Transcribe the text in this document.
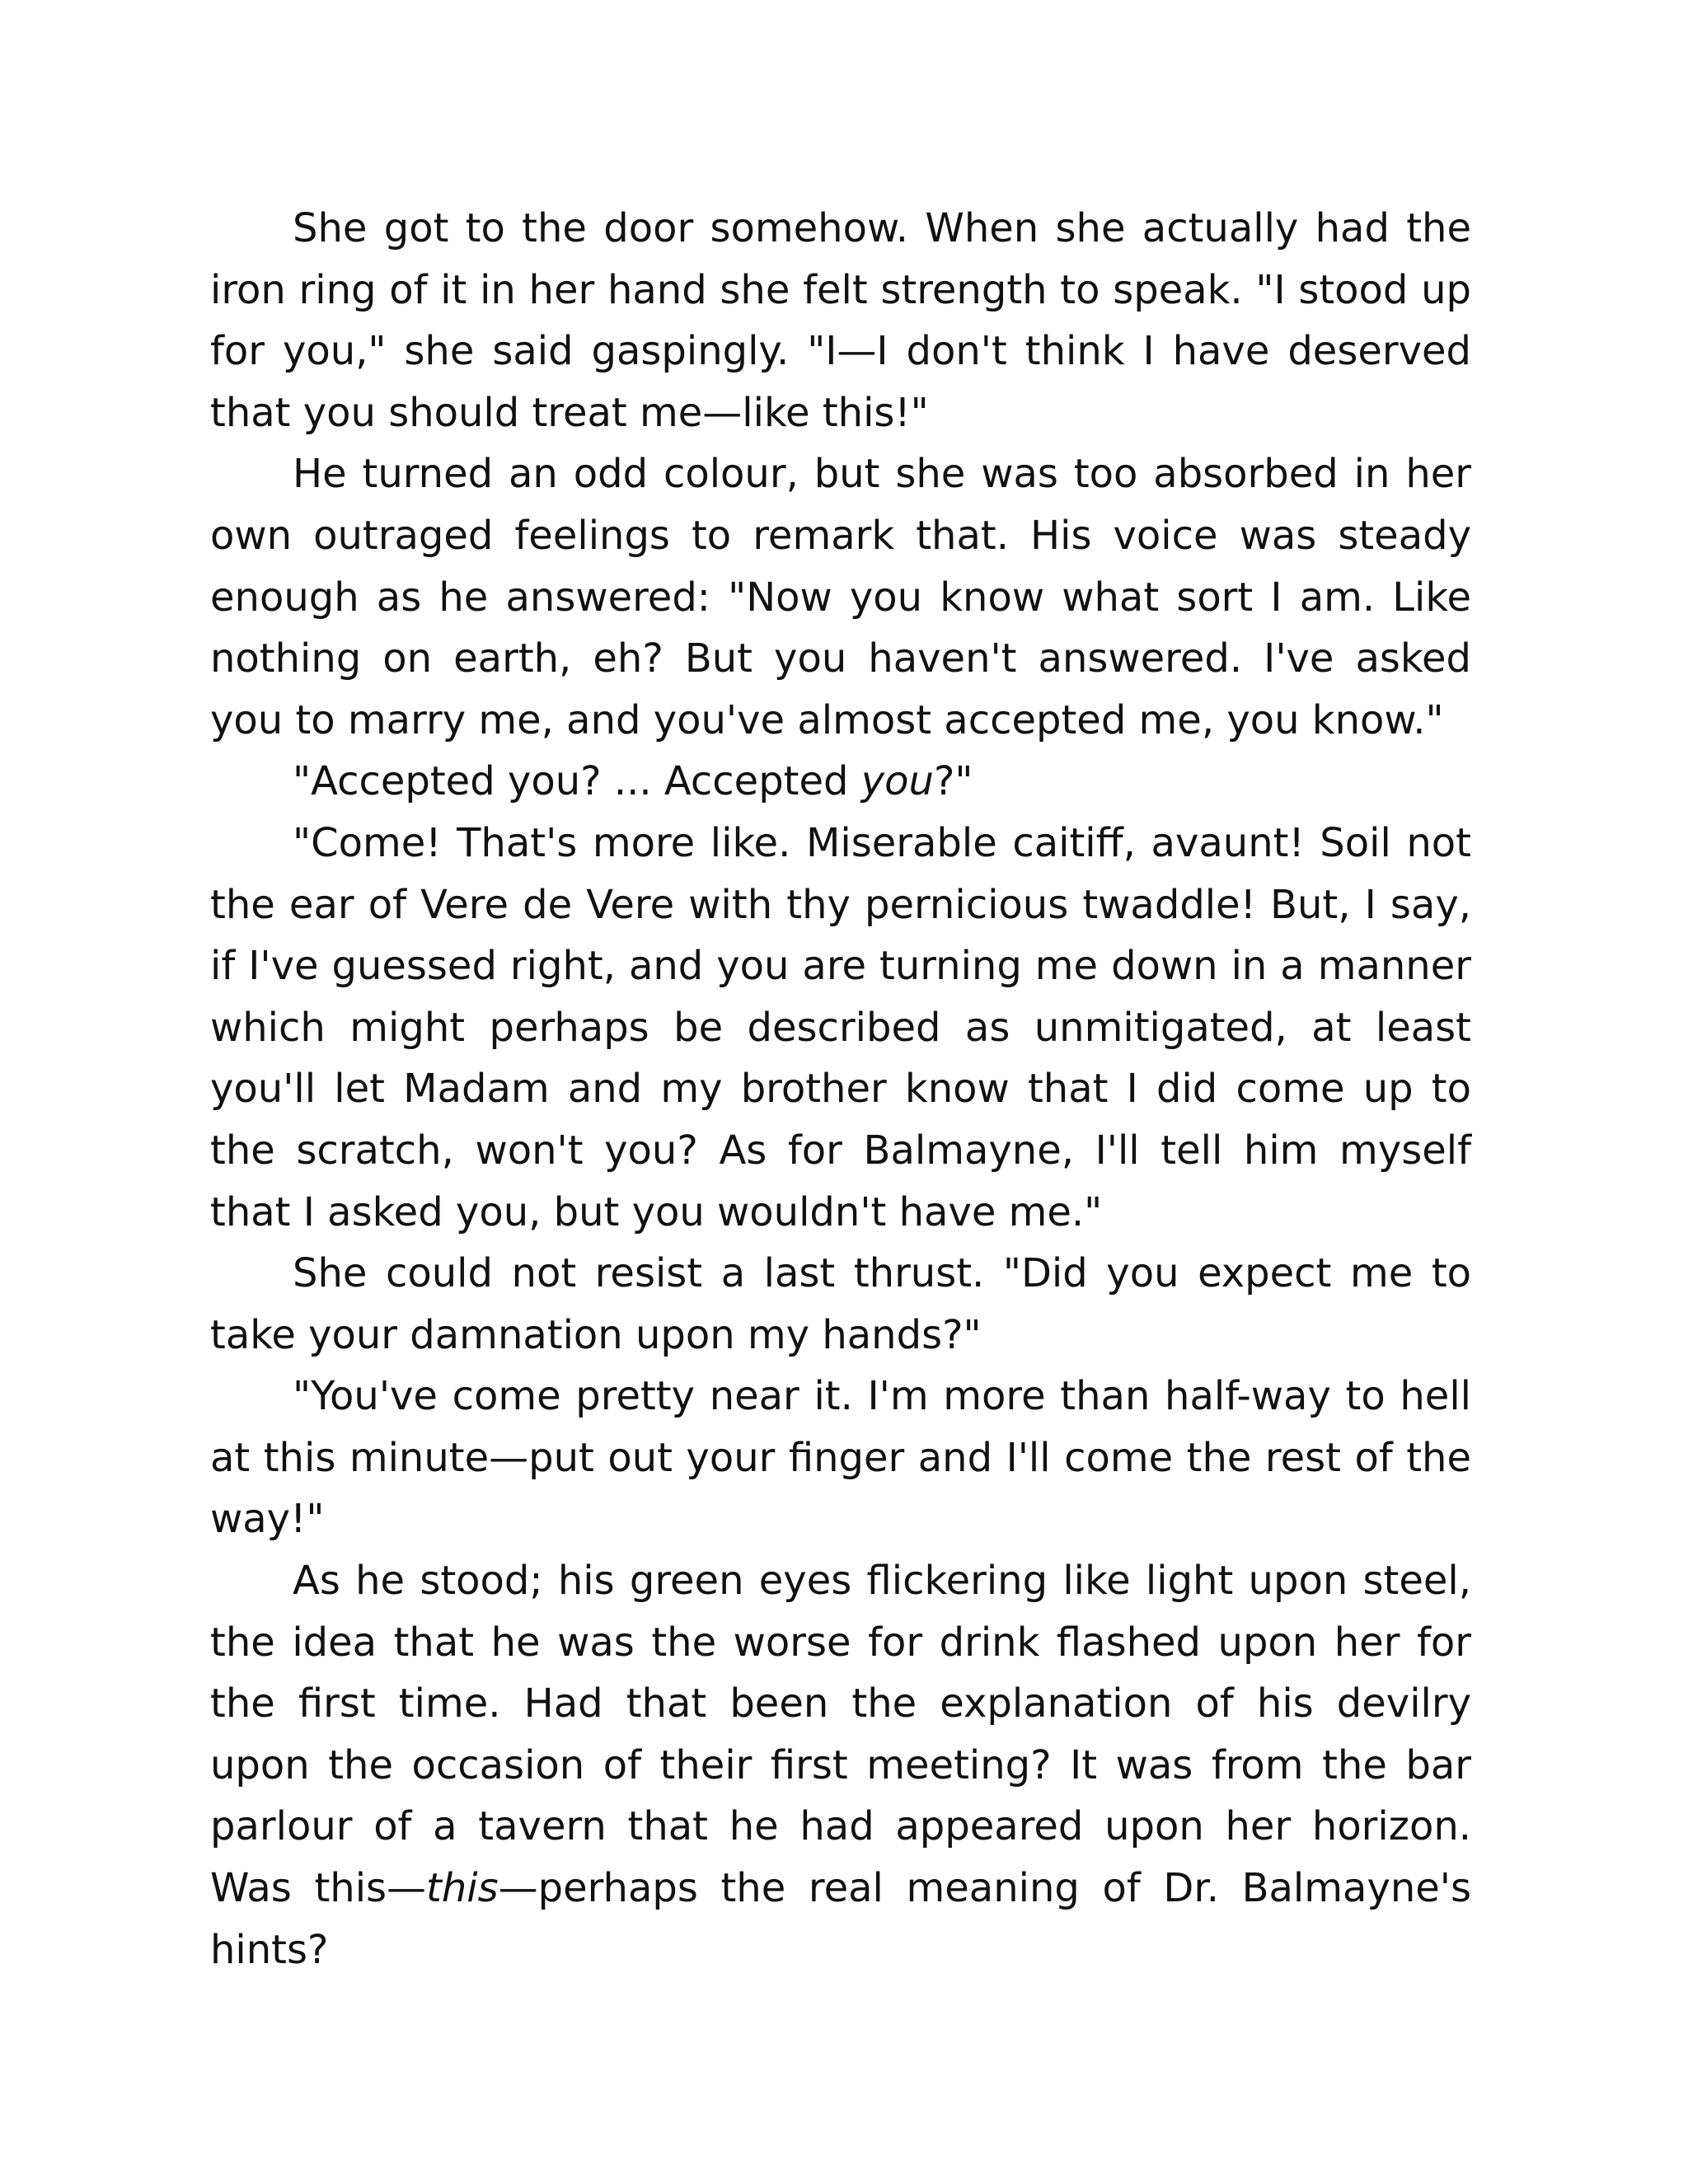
She got to the door somehow. When she actually had the iron ring of it in her hand she felt strength to speak. "I stood up for you," she said gaspingly. "I—I don't think I have deserved that you should treat me—like this!"

He turned an odd colour, but she was too absorbed in her own outraged feelings to remark that. His voice was steady enough as he answered: "Now you know what sort I am. Like nothing on earth, eh? But you haven't answered. I've asked you to marry me, and you've almost accepted me, you know."

"Accepted you? ... Accepted you?"

"Come! That's more like. Miserable caitiff, avaunt! Soil not the ear of Vere de Vere with thy pernicious twaddle! But, I say, if I've guessed right, and you are turning me down in a manner which might perhaps be described as unmitigated, at least you'll let Madam and my brother know that I did come up to the scratch, won't you? As for Balmayne, I'll tell him myself that I asked you, but you wouldn't have me."

She could not resist a last thrust. "Did you expect me to take your damnation upon my hands?"

"You've come pretty near it. I'm more than half-way to hell at this minute—put out your finger and I'll come the rest of the way!"

As he stood; his green eyes flickering like light upon steel, the idea that he was the worse for drink flashed upon her for the first time. Had that been the explanation of his devilry upon the occasion of their first meeting? It was from the bar parlour of a tavern that he had appeared upon her horizon. Was this—this—perhaps the real meaning of Dr. Balmayne's hints?
